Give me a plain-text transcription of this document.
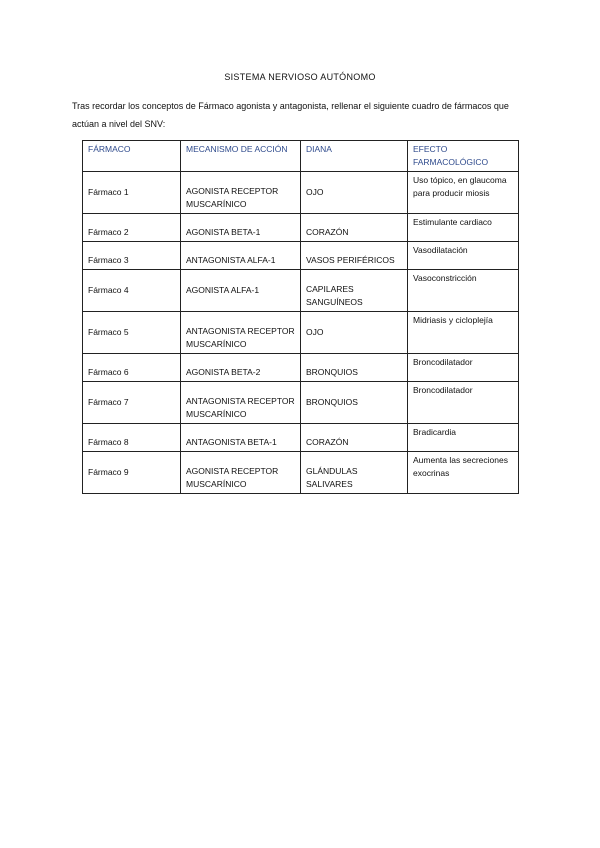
SISTEMA NERVIOSO AUTÓNOMO
Tras recordar los conceptos de Fármaco agonista y antagonista, rellenar el siguiente cuadro de fármacos que actúan a nivel del SNV:
FÁRMACO	MECANISMO DE ACCIÓN	DIANA	EFECTO FARMACOLÓGICO
Fármaco 1	AGONISTA RECEPTOR MUSCARÍNICO	OJO	Uso tópico, en glaucoma para producir miosis
Fármaco 2	AGONISTA BETA-1	CORAZÓN	Estimulante cardiaco
Fármaco 3	ANTAGONISTA ALFA-1	VASOS PERIFÉRICOS	Vasodilatación
Fármaco 4	AGONISTA ALFA-1	CAPILARES SANGUÍNEOS	Vasoconstricción
Fármaco 5	ANTAGONISTA RECEPTOR MUSCARÍNICO	OJO	Midriasis y cicloplejía
Fármaco 6	AGONISTA BETA-2	BRONQUIOS	Broncodilatador
Fármaco 7	ANTAGONISTA RECEPTOR MUSCARÍNICO	BRONQUIOS	Broncodilatador
Fármaco 8	ANTAGONISTA BETA-1	CORAZÓN	Bradicardia
Fármaco 9	AGONISTA RECEPTOR MUSCARÍNICO	GLÁNDULAS SALIVARES	Aumenta las secreciones exocrinas
